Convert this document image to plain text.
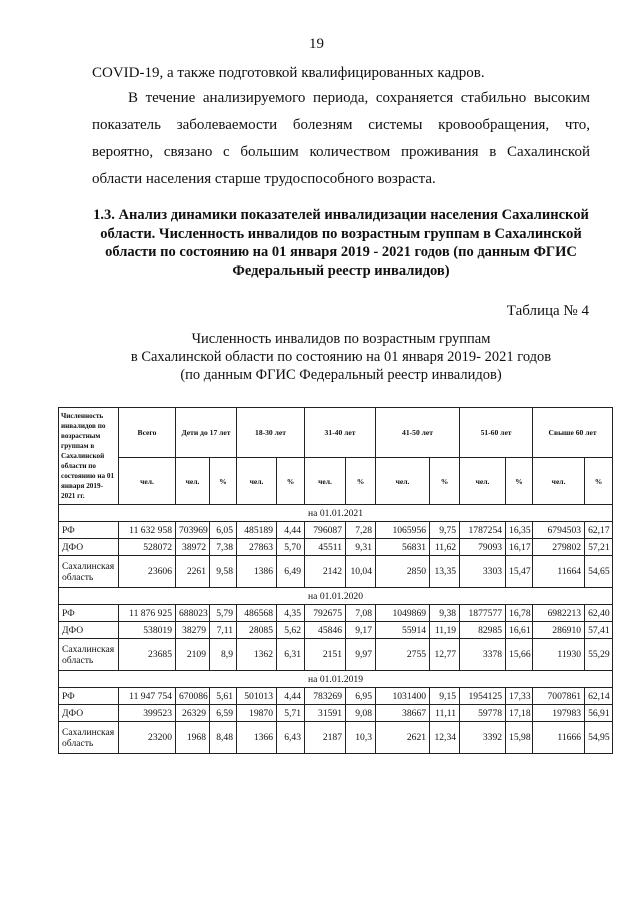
19

COVID-19, а также подготовкой квалифицированных кадров.

В течение анализируемого периода, сохраняется стабильно высоким показатель заболеваемости болезням системы кровообращения, что, вероятно, связано с большим количеством проживания в Сахалинской области населения старше трудоспособного возраста.

1.3. Анализ динамики показателей инвалидизации населения Сахалинской области. Численность инвалидов по возрастным группам в Сахалинской области по состоянию на 01 января 2019 - 2021 годов (по данным ФГИС Федеральный реестр инвалидов)

Таблица № 4

Численность инвалидов по возрастным группам
в Сахалинской области по состоянию на 01 января 2019- 2021 годов
(по данным ФГИС Федеральный реестр инвалидов)

Численность инвалидов по возрастным группам в Сахалинской области по состоянию на 01 января 2019-2021 гг.	Всего	Дети до 17 лет		18-30 лет		31-40 лет		41-50 лет		51-60 лет		Свыше 60 лет	
	чел.	чел.	%	чел.	%	чел.	%	чел.	%	чел.	%	чел.	%
на 01.01.2021													
РФ	11 632 958	703969	6,05	485189	4,44	796087	7,28	1065956	9,75	1787254	16,35	6794503	62,17
ДФО	528072	38972	7,38	27863	5,70	45511	9,31	56831	11,62	79093	16,17	279802	57,21
Сахалинская область	23606	2261	9,58	1386	6,49	2142	10,04	2850	13,35	3303	15,47	11664	54,65
на 01.01.2020													
РФ	11 876 925	688023	5,79	486568	4,35	792675	7,08	1049869	9,38	1877577	16,78	6982213	62,40
ДФО	538019	38279	7,11	28085	5,62	45846	9,17	55914	11,19	82985	16,61	286910	57,41
Сахалинская область	23685	2109	8,9	1362	6,31	2151	9,97	2755	12,77	3378	15,66	11930	55,29
на 01.01.2019													
РФ	11 947 754	670086	5,61	501013	4,44	783269	6,95	1031400	9,15	1954125	17,33	7007861	62,14
ДФО	399523	26329	6,59	19870	5,71	31591	9,08	38667	11,11	59778	17,18	197983	56,91
Сахалинская область	23200	1968	8,48	1366	6,43	2187	10,3	2621	12,34	3392	15,98	11666	54,95
